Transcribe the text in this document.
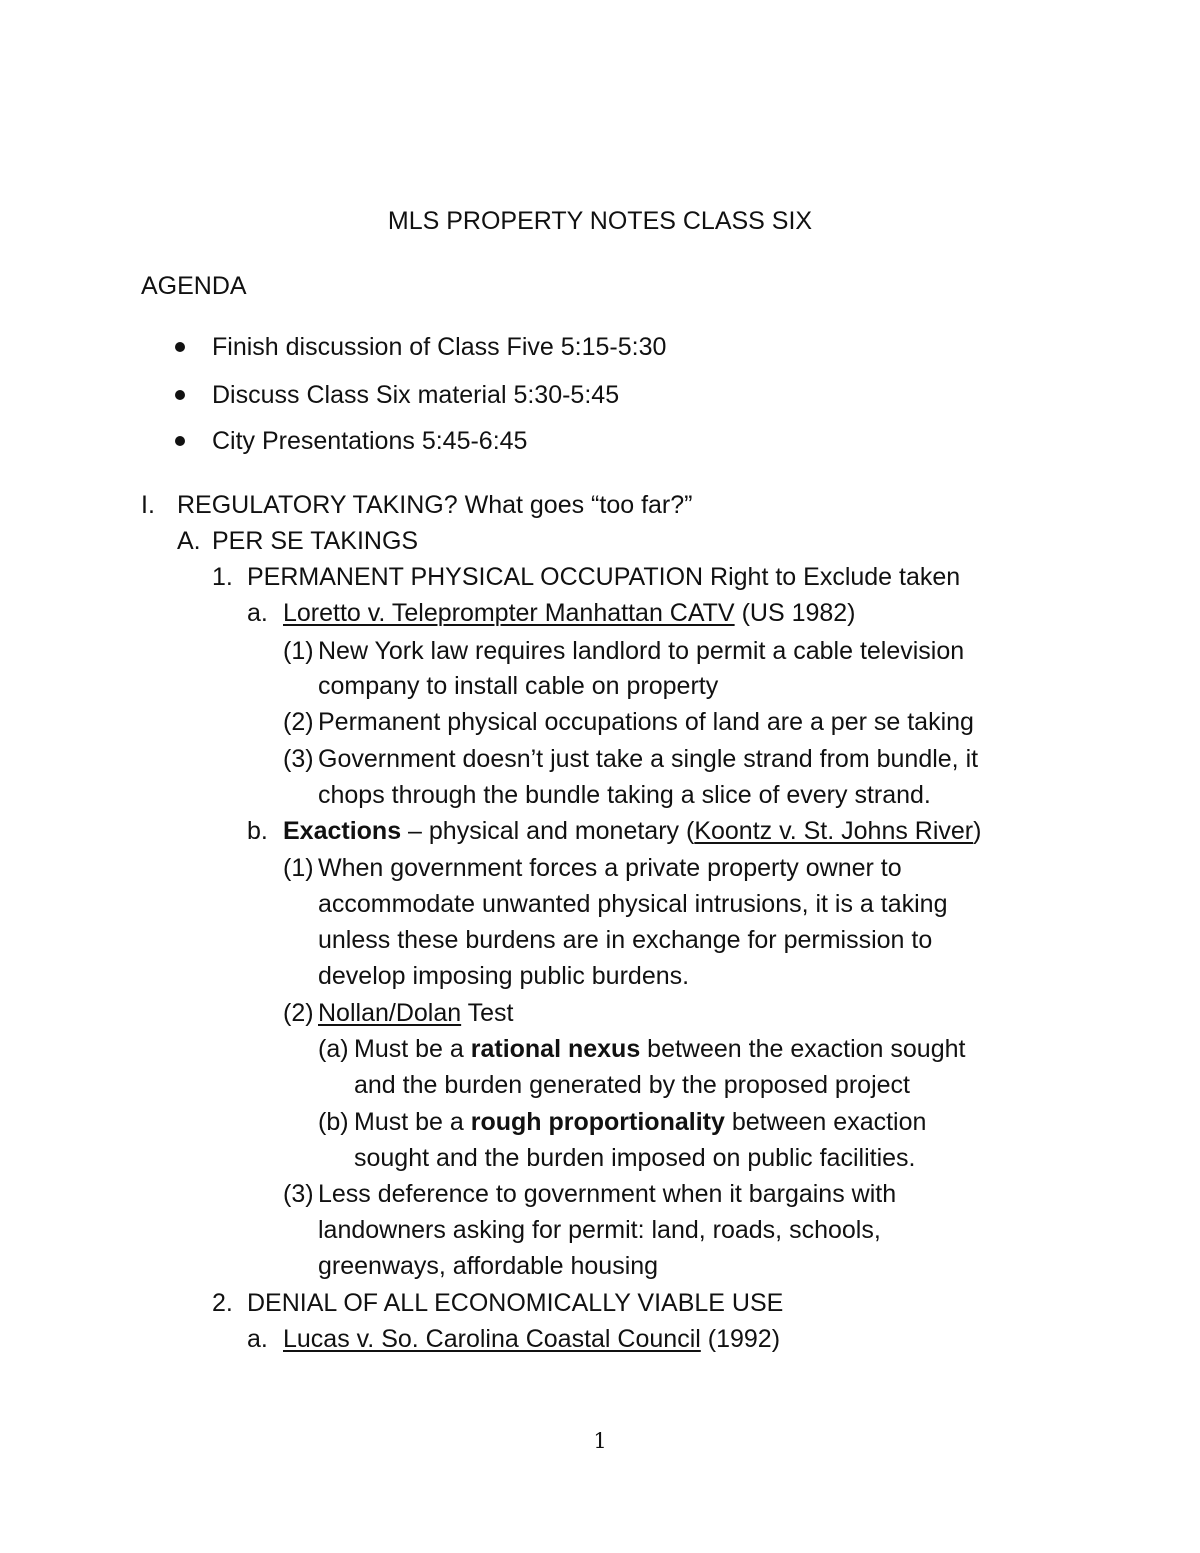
MLS PROPERTY NOTES CLASS SIX
AGENDA
Finish discussion of Class Five 5:15-5:30
Discuss Class Six material 5:30-5:45
City Presentations 5:45-6:45
I. REGULATORY TAKING? What goes “too far?”
A. PER SE TAKINGS
1. PERMANENT PHYSICAL OCCUPATION Right to Exclude taken
a. Loretto v. Teleprompter Manhattan CATV (US 1982)
(1) New York law requires landlord to permit a cable television
company to install cable on property
(2) Permanent physical occupations of land are a per se taking
(3) Government doesn’t just take a single strand from bundle, it
chops through the bundle taking a slice of every strand.
b. Exactions – physical and monetary (Koontz v. St. Johns River)
(1) When government forces a private property owner to
accommodate unwanted physical intrusions, it is a taking
unless these burdens are in exchange for permission to
develop imposing public burdens.
(2) Nollan/Dolan Test
(a) Must be a rational nexus between the exaction sought
and the burden generated by the proposed project
(b) Must be a rough proportionality between exaction
sought and the burden imposed on public facilities.
(3) Less deference to government when it bargains with
landowners asking for permit: land, roads, schools,
greenways, affordable housing
2. DENIAL OF ALL ECONOMICALLY VIABLE USE
a. Lucas v. So. Carolina Coastal Council (1992)
1
